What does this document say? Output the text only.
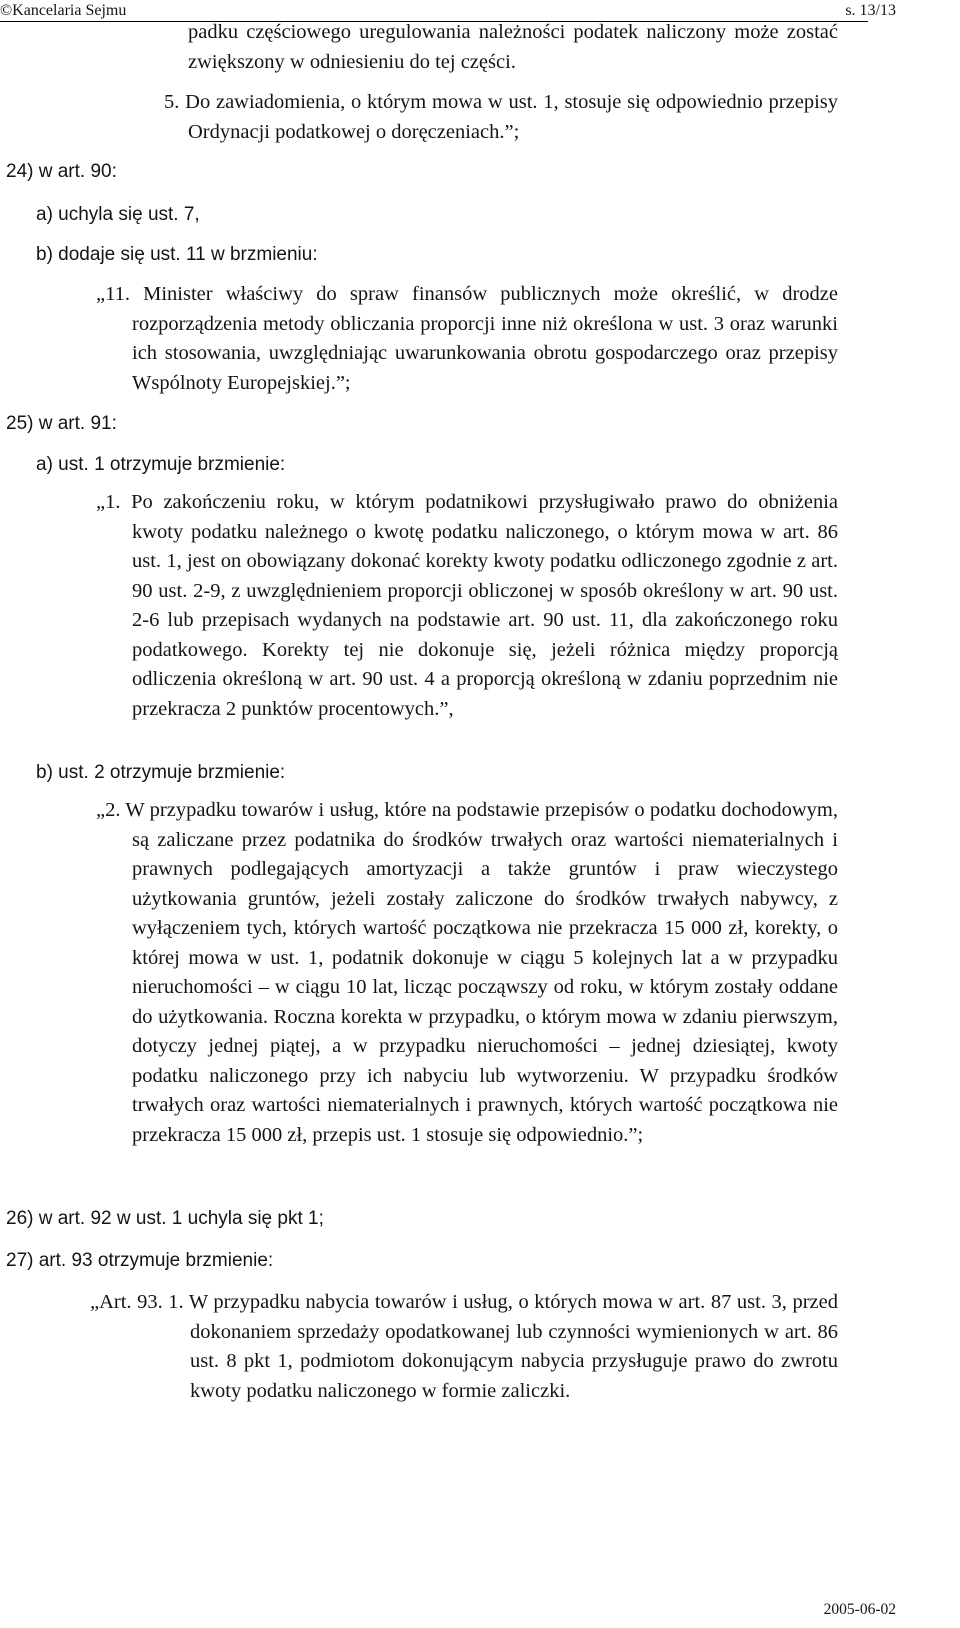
©Kancelaria Sejmu	s. 13/13

padku częściowego uregulowania należności podatek naliczony może zostać zwiększony w odniesieniu do tej części.

5. Do zawiadomienia, o którym mowa w ust. 1, stosuje się odpowiednio przepisy Ordynacji podatkowej o doręczeniach.”;

24) w art. 90:

a) uchyla się ust. 7,

b) dodaje się ust. 11 w brzmieniu:

„11. Minister właściwy do spraw finansów publicznych może określić, w drodze rozporządzenia metody obliczania proporcji inne niż określona w ust. 3 oraz warunki ich stosowania, uwzględniając uwarunkowania obrotu gospodarczego oraz przepisy Wspólnoty Europejskiej.”;

25) w art. 91:

a) ust. 1 otrzymuje brzmienie:

„1. Po zakończeniu roku, w którym podatnikowi przysługiwało prawo do obniżenia kwoty podatku należnego o kwotę podatku naliczonego, o którym mowa w art. 86 ust. 1, jest on obowiązany dokonać korekty kwoty podatku odliczonego zgodnie z art. 90 ust. 2-9, z uwzględnieniem proporcji obliczonej w sposób określony w art. 90 ust. 2-6 lub przepisach wydanych na podstawie art. 90 ust. 11, dla zakończonego roku podatkowego. Korekty tej nie dokonuje się, jeżeli różnica między proporcją odliczenia określoną w art. 90 ust. 4 a proporcją określoną w zdaniu poprzednim nie przekracza 2 punktów procentowych.”,

b) ust. 2 otrzymuje brzmienie:

„2. W przypadku towarów i usług, które na podstawie przepisów o podatku dochodowym, są zaliczane przez podatnika do środków trwałych oraz wartości niematerialnych i prawnych podlegających amortyzacji a także gruntów i praw wieczystego użytkowania gruntów, jeżeli zostały zaliczone do środków trwałych nabywcy, z wyłączeniem tych, których wartość początkowa nie przekracza 15 000 zł, korekty, o której mowa w ust. 1, podatnik dokonuje w ciągu 5 kolejnych lat a w przypadku nieruchomości – w ciągu 10 lat, licząc począwszy od roku, w którym zostały oddane do użytkowania. Roczna korekta w przypadku, o którym mowa w zdaniu pierwszym, dotyczy jednej piątej, a w przypadku nieruchomości – jednej dziesiątej, kwoty podatku naliczonego przy ich nabyciu lub wytworzeniu. W przypadku środków trwałych oraz wartości niematerialnych i prawnych, których wartość początkowa nie przekracza 15 000 zł, przepis ust. 1 stosuje się odpowiednio.”;

26) w art. 92 w ust. 1 uchyla się pkt 1;

27) art. 93 otrzymuje brzmienie:

„Art. 93. 1. W przypadku nabycia towarów i usług, o których mowa w art. 87 ust. 3, przed dokonaniem sprzedaży opodatkowanej lub czynności wymienionych w art. 86 ust. 8 pkt 1, podmiotom dokonującym nabycia przysługuje prawo do zwrotu kwoty podatku naliczonego w formie zaliczki.

2005-06-02
